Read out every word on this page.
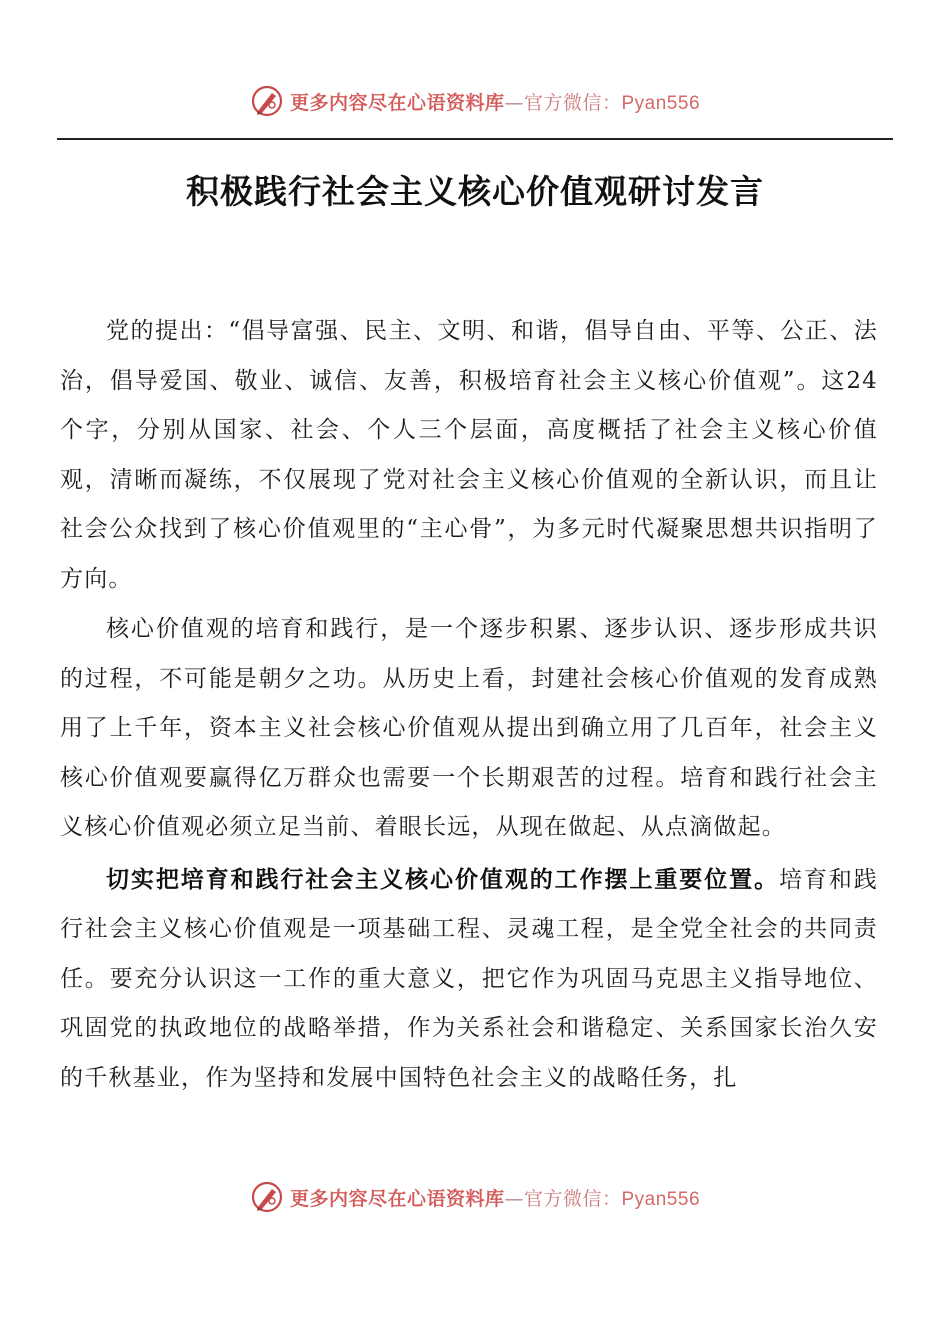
更多内容尽在心语资料库—官方微信：Pyan556
积极践行社会主义核心价值观研讨发言

党的提出：“倡导富强、民主、文明、和谐，倡导自由、平等、公正、法治，倡导爱国、敬业、诚信、友善，积极培育社会主义核心价值观”。这24个字，分别从国家、社会、个人三个层面，高度概括了社会主义核心价值观，清晰而凝练，不仅展现了党对社会主义核心价值观的全新认识，而且让社会公众找到了核心价值观里的“主心骨”，为多元时代凝聚思想共识指明了方向。

核心价值观的培育和践行，是一个逐步积累、逐步认识、逐步形成共识的过程，不可能是朝夕之功。从历史上看，封建社会核心价值观的发育成熟用了上千年，资本主义社会核心价值观从提出到确立用了几百年，社会主义核心价值观要赢得亿万群众也需要一个长期艰苦的过程。培育和践行社会主义核心价值观必须立足当前、着眼长远，从现在做起、从点滴做起。

切实把培育和践行社会主义核心价值观的工作摆上重要位置。培育和践行社会主义核心价值观是一项基础工程、灵魂工程，是全党全社会的共同责任。要充分认识这一工作的重大意义，把它作为巩固马克思主义指导地位、巩固党的执政地位的战略举措，作为关系社会和谐稳定、关系国家长治久安的千秋基业，作为坚持和发展中国特色社会主义的战略任务，扎

更多内容尽在心语资料库—官方微信：Pyan556
